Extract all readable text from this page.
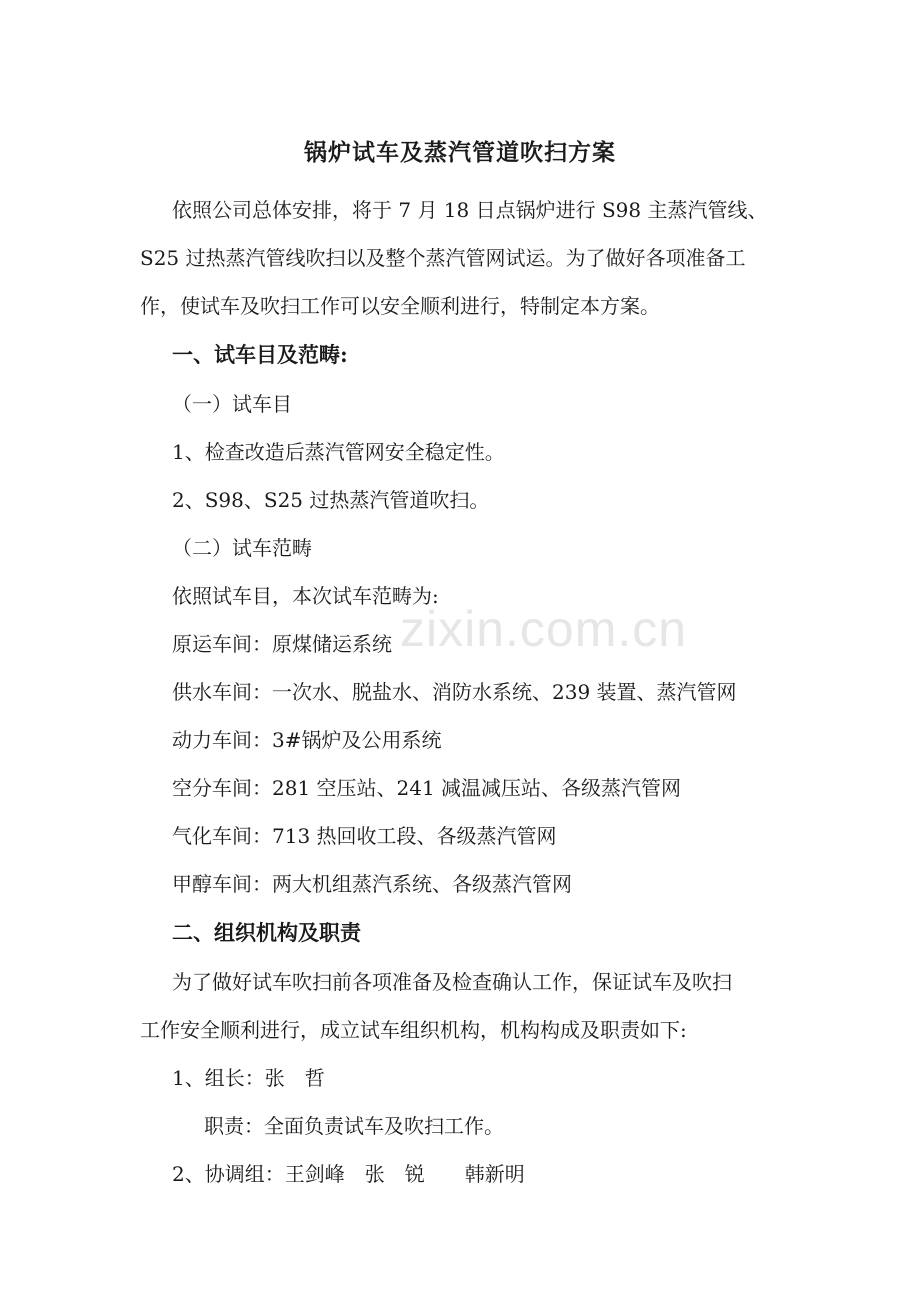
zixin.com.cn
锅炉试车及蒸汽管道吹扫方案
依照公司总体安排，将于 7 月 18 日点锅炉进行 S98 主蒸汽管线、
S25 过热蒸汽管线吹扫以及整个蒸汽管网试运。为了做好各项准备工
作，使试车及吹扫工作可以安全顺利进行，特制定本方案。
一、试车目及范畴:
（一）试车目
1、检查改造后蒸汽管网安全稳定性。
2、S98、S25 过热蒸汽管道吹扫。
（二）试车范畴
依照试车目，本次试车范畴为:
原运车间：原煤储运系统
供水车间：一次水、脱盐水、消防水系统、239 装置、蒸汽管网
动力车间：3#锅炉及公用系统
空分车间：281 空压站、241 减温减压站、各级蒸汽管网
气化车间：713 热回收工段、各级蒸汽管网
甲醇车间：两大机组蒸汽系统、各级蒸汽管网
二、组织机构及职责
为了做好试车吹扫前各项准备及检查确认工作，保证试车及吹扫
工作安全顺利进行，成立试车组织机构，机构构成及职责如下:
1、组长：张　哲
职责：全面负责试车及吹扫工作。
2、协调组：王剑峰　张　锐　　韩新明
